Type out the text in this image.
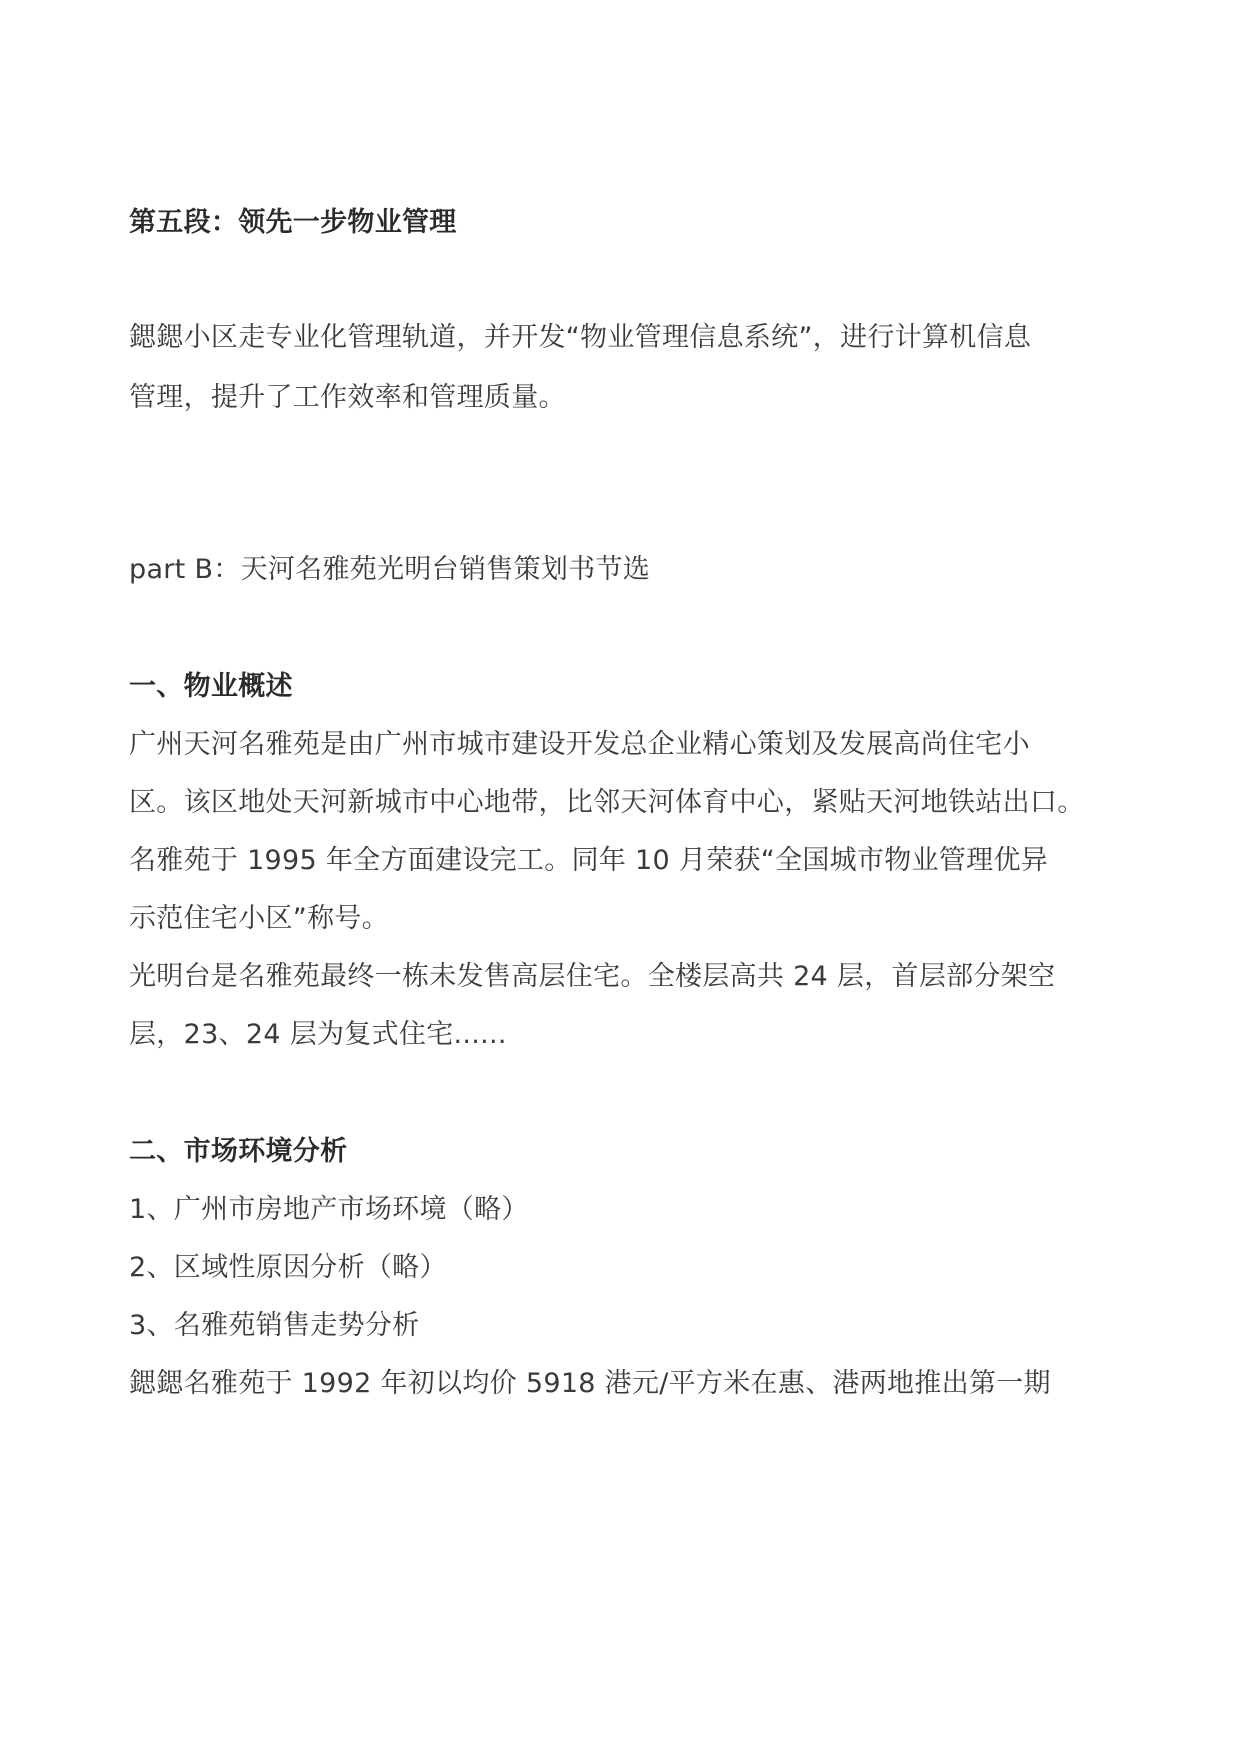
第五段：领先一步物业管理
鍶鍶小区走专业化管理轨道，并开发“物业管理信息系统”，进行计算机信息
管理，提升了工作效率和管理质量。
part B：天河名雅苑光明台销售策划书节选
一、物业概述
广州天河名雅苑是由广州市城市建设开发总企业精心策划及发展高尚住宅小
区。该区地处天河新城市中心地带，比邻天河体育中心，紧贴天河地铁站出口。
名雅苑于 1995 年全方面建设完工。同年 10 月荣获“全国城市物业管理优异
示范住宅小区”称号。
光明台是名雅苑最终一栋未发售高层住宅。全楼层高共 24 层，首层部分架空
层，23、24 层为复式住宅......
二、市场环境分析
1、广州市房地产市场环境（略）
2、区域性原因分析（略）
3、名雅苑销售走势分析
鍶鍶名雅苑于 1992 年初以均价 5918 港元/平方米在惠、港两地推出第一期
